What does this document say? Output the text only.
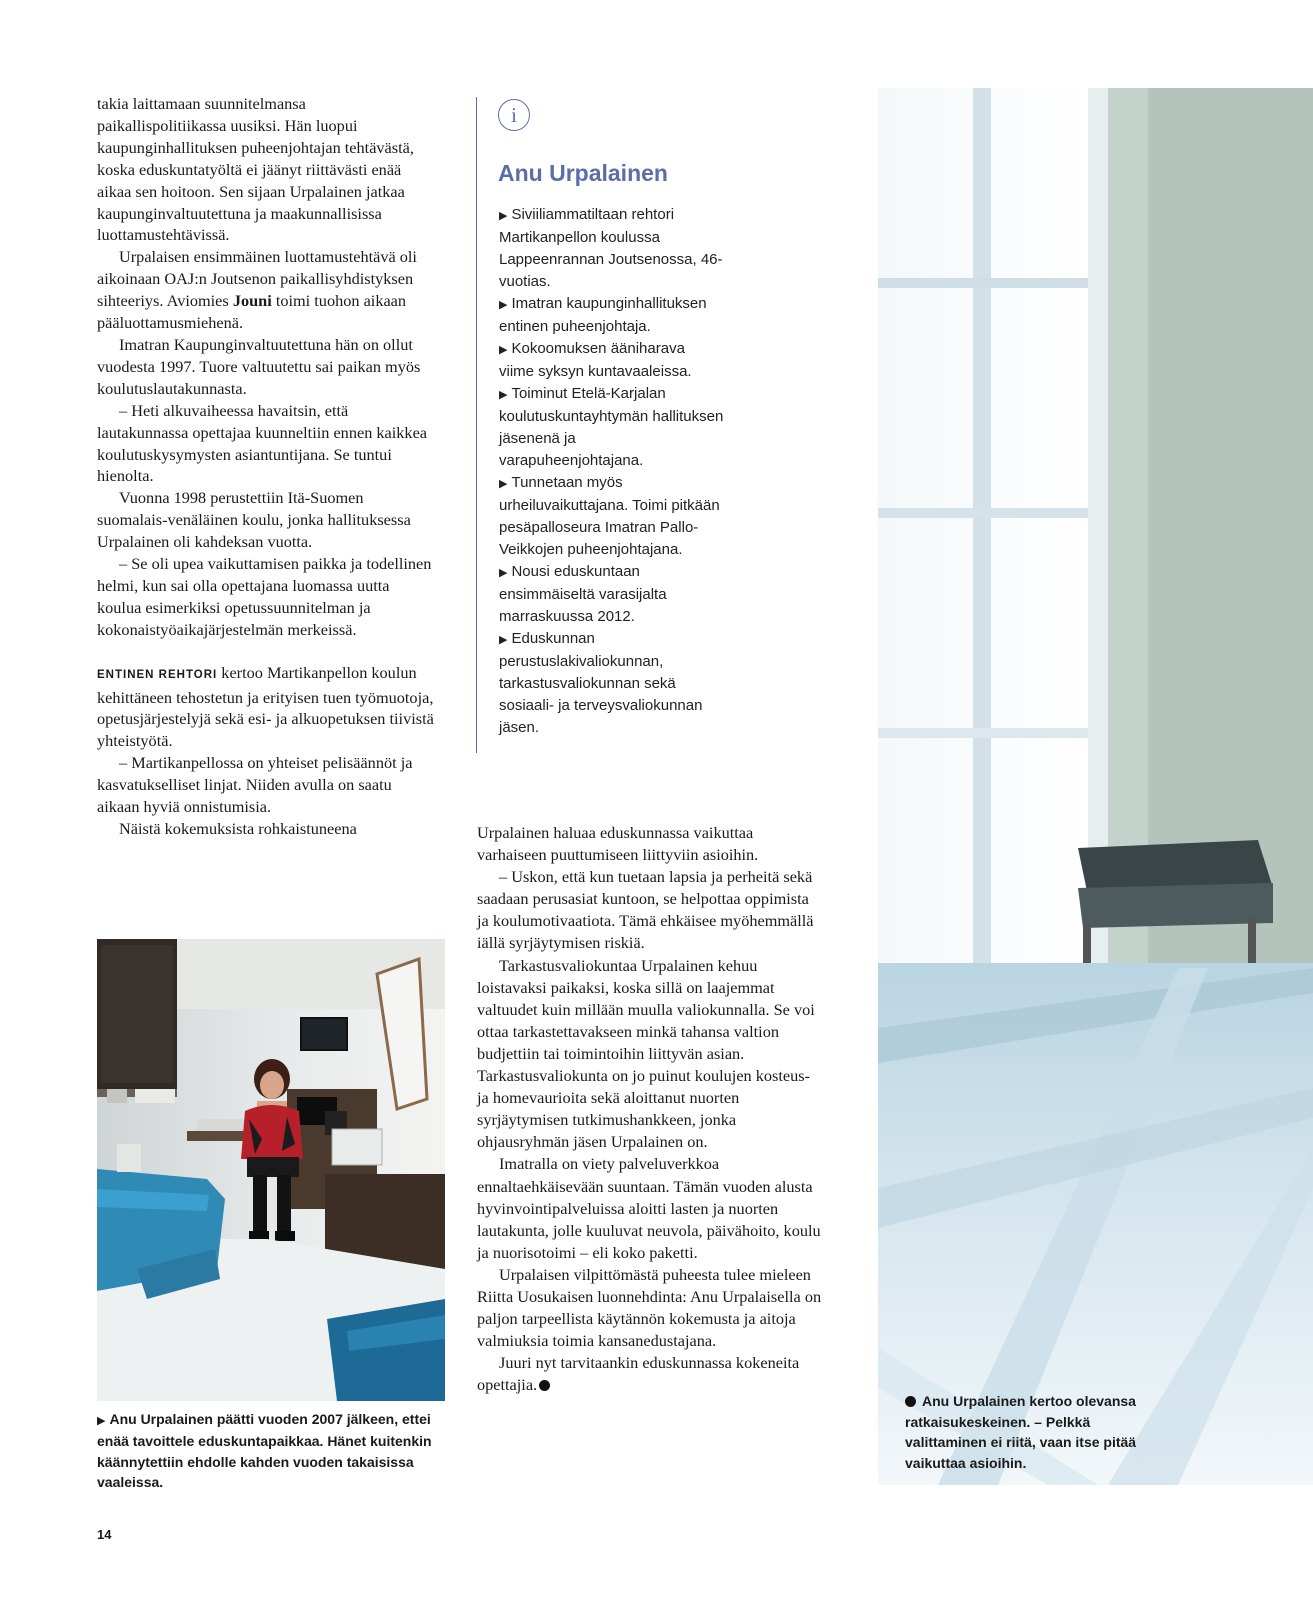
takia laittamaan suunnitelmansa paikallispolitiikassa uusiksi. Hän luopui kaupunginhallituksen puheenjohtajan tehtävästä, koska eduskuntatyöltä ei jäänyt riittävästi enää aikaa sen hoitoon. Sen sijaan Urpalainen jatkaa kaupunginvaltuutettuna ja maakunnallisissa luottamustehtävissä.

Urpalaisen ensimmäinen luottamustehtävä oli aikoinaan OAJ:n Joutsenon paikallisyhdistyksen sihteeriys. Aviomies Jouni toimi tuohon aikaan pääluottamusmiehenä.

Imatran Kaupunginvaltuutettuna hän on ollut vuodesta 1997. Tuore valtuutettu sai paikan myös koulutuslautakunnasta.

– Heti alkuvaiheessa havaitsin, että lautakunnassa opettajaa kuunneltiin ennen kaikkea koulutuskysymysten asiantuntijana. Se tuntui hienolta.

Vuonna 1998 perustettiin Itä-Suomen suomalais-venäläinen koulu, jonka hallituksessa Urpalainen oli kahdeksan vuotta.

– Se oli upea vaikuttamisen paikka ja todellinen helmi, kun sai olla opettajana luomassa uutta koulua esimerkiksi opetussuunnitelman ja kokonaistyöaikajärjestelmän merkeissä.

ENTINEN REHTORI kertoo Martikanpellon koulun kehittäneen tehostetun ja erityisen tuen työmuotoja, opetusjärjestelyjä sekä esi- ja alkuopetuksen tiivistä yhteistyötä.

– Martikanpellossa on yhteiset pelisäännöt ja kasvatukselliset linjat. Niiden avulla on saatu aikaan hyviä onnistumisia.

Näistä kokemuksista rohkaistuneena

i
Anu Urpalainen
▶ Siviiliammatiltaan rehtori Martikanpellon koulussa Lappeenrannan Joutsenossa, 46-vuotias.
▶ Imatran kaupunginhallituksen entinen puheenjohtaja.
▶ Kokoomuksen ääniharava viime syksyn kuntavaaleissa.
▶ Toiminut Etelä-Karjalan koulutuskuntayhtymän hallituksen jäsenenä ja varapuheenjohtajana.
▶ Tunnetaan myös urheiluvaikuttajana. Toimi pitkään pesäpalloseura Imatran Pallo-Veikkojen puheenjohtajana.
▶ Nousi eduskuntaan ensimmäiseltä varasijalta marraskuussa 2012.
▶ Eduskunnan perustuslakivaliokunnan, tarkastusvaliokunnan sekä sosiaali- ja terveysvaliokunnan jäsen.

Urpalainen haluaa eduskunnassa vaikuttaa varhaiseen puuttumiseen liittyviin asioihin.

– Uskon, että kun tuetaan lapsia ja perheitä sekä saadaan perusasiat kuntoon, se helpottaa oppimista ja koulumotivaatiota. Tämä ehkäisee myöhemmällä iällä syrjäytymisen riskiä.

Tarkastusvaliokuntaa Urpalainen kehuu loistavaksi paikaksi, koska sillä on laajemmat valtuudet kuin millään muulla valiokunnalla. Se voi ottaa tarkastettavakseen minkä tahansa valtion budjettiin tai toimintoihin liittyvän asian. Tarkastusvaliokunta on jo puinut koulujen kosteus- ja homevaurioita sekä aloittanut nuorten syrjäytymisen tutkimushankkeen, jonka ohjausryhmän jäsen Urpalainen on.

Imatralla on viety palveluverkkoa ennaltaehkäisevään suuntaan. Tämän vuoden alusta hyvinvointipalveluissa aloitti lasten ja nuorten lautakunta, jolle kuuluvat neuvola, päivähoito, koulu ja nuorisotoimi – eli koko paketti.

Urpalaisen vilpittömästä puheesta tulee mieleen Riitta Uosukaisen luonnehdinta: Anu Urpalaisella on paljon tarpeellista käytännön kokemusta ja aitoja valmiuksia toimia kansanedustajana.

Juuri nyt tarvitaankin eduskunnassa kokeneita opettajia.

▶ Anu Urpalainen päätti vuoden 2007 jälkeen, ettei enää tavoittele eduskuntapaikkaa. Hänet kuitenkin käännytettiin ehdolle kahden vuoden takaisissa vaaleissa.

Anu Urpalainen kertoo olevansa ratkaisukeskeinen. – Pelkkä valittaminen ei riitä, vaan itse pitää vaikuttaa asioihin.

14
